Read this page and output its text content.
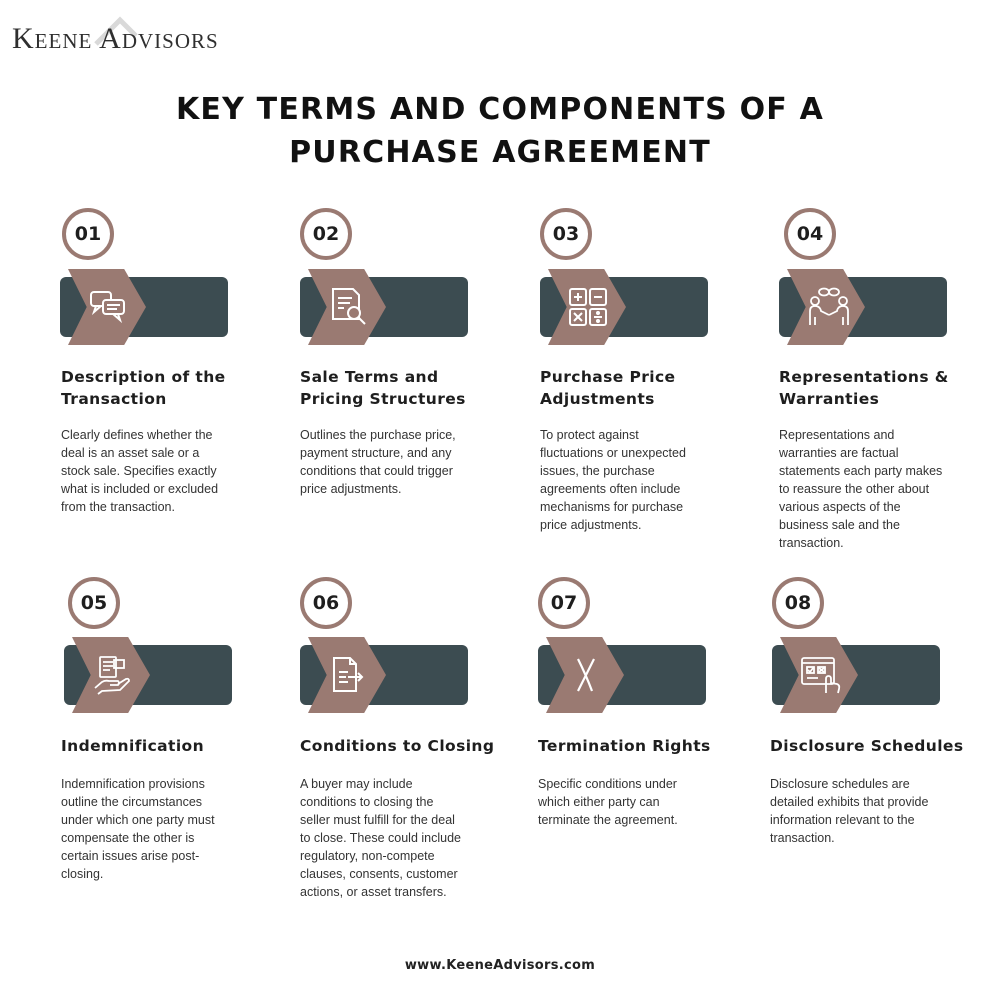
Keene Advisors
KEY TERMS AND COMPONENTS OF A
PURCHASE AGREEMENT
01
Description of the
Transaction
Clearly defines whether the
deal is an asset sale or a
stock sale. Specifies exactly
what is included or excluded
from the transaction.
02
Sale Terms and
Pricing Structures
Outlines the purchase price,
payment structure, and any
conditions that could trigger
price adjustments.
03
Purchase Price
Adjustments
To protect against
fluctuations or unexpected
issues, the purchase
agreements often include
mechanisms for purchase
price adjustments.
04
Representations &
Warranties
Representations and
warranties are factual
statements each party makes
to reassure the other about
various aspects of the
business sale and the
transaction.
05
Indemnification
Indemnification provisions
outline the circumstances
under which one party must
compensate the other is
certain issues arise post-
closing.
06
Conditions to Closing
A buyer may include
conditions to closing the
seller must fulfill for the deal
to close. These could include
regulatory, non-compete
clauses, consents, customer
actions, or asset transfers.
07
Termination Rights
Specific conditions under
which either party can
terminate the agreement.
08
Disclosure Schedules
Disclosure schedules are
detailed exhibits that provide
information relevant to the
transaction.
www.KeeneAdvisors.com
